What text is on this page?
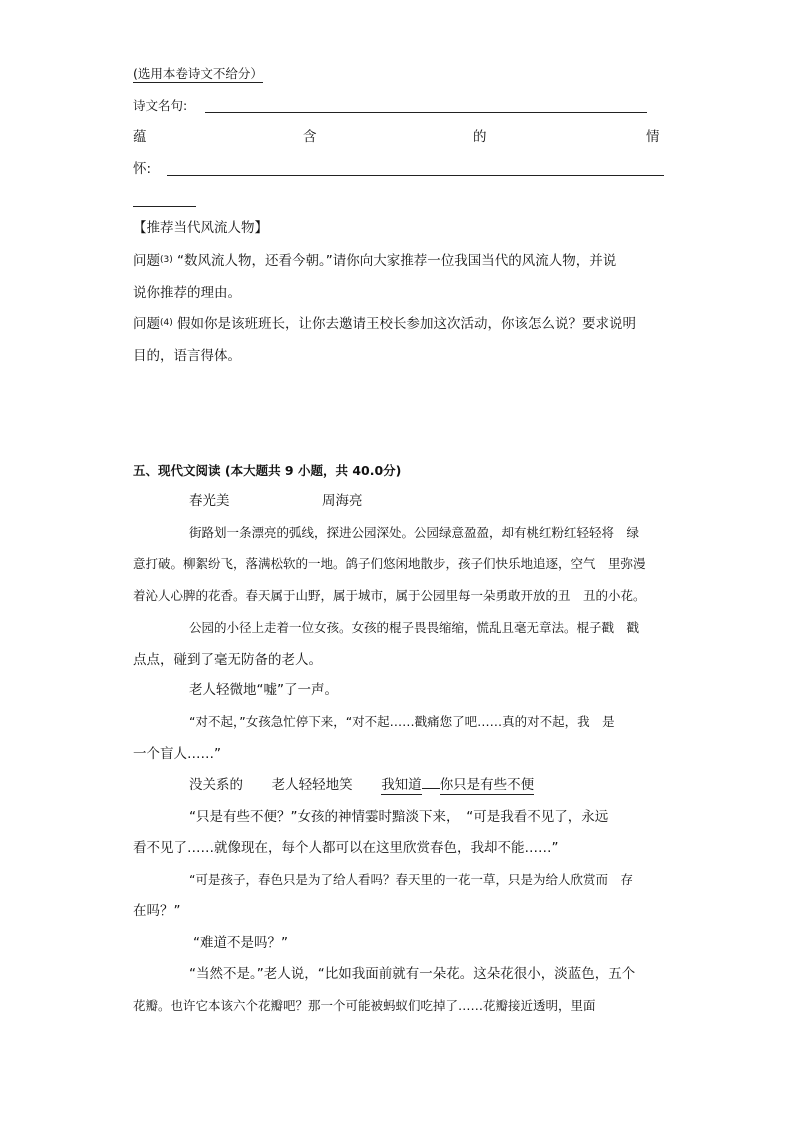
(选用本卷诗文不给分）
诗文名句:
蕴	含	的	情
怀:
【推荐当代风流人物】
问题$^{(3)}$ “数风流人物，还看今朝。”请你向大家推荐一位我国当代的风流人物，并说
说你推荐的理由。
问题$^{(4)}$ 假如你是该班班长，让你去邀请王校长参加这次活动，你该怎么说？要求说明
目的，语言得体。
五、现代文阅读 (本大题共 9 小题，共 40.0分)
春光美	周海亮
街路划一条漂亮的弧线，探进公园深处。公园绿意盈盈，却有桃红粉红轻轻将　绿
意打破。柳絮纷飞，落满松软的一地。鸽子们悠闲地散步，孩子们快乐地追逐，空气　里弥漫
着沁人心脾的花香。春天属于山野，属于城市，属于公园里每一朵勇敢开放的丑　丑的小花。
公园的小径上走着一位女孩。女孩的棍子畏畏缩缩，慌乱且毫无章法。棍子戳　戳
点点，碰到了毫无防备的老人。
老人轻微地“嘘”了一声。
“对不起，”女孩急忙停下来，“对不起……戳痛您了吧……真的对不起，我　是
一个盲人……”
没关系的 老人轻轻地笑 我知道 你只是有些不便
“只是有些不便？”女孩的神情霎时黯淡下来，　“可是我看不见了，永远
看不见了……就像现在，每个人都可以在这里欣赏春色，我却不能……”
“可是孩子，春色只是为了给人看吗？春天里的一花一草，只是为给人欣赏而　存
在吗？”
“难道不是吗？”
“当然不是。”老人说，“比如我面前就有一朵花。这朵花很小，淡蓝色，五个
花瓣。也许它本该六个花瓣吧？那一个可能被蚂蚁们吃掉了……花瓣接近透明，里面
